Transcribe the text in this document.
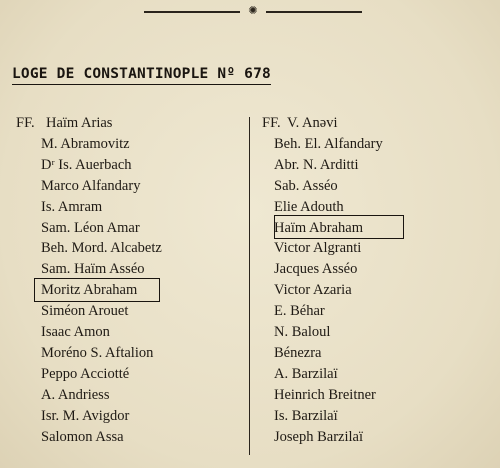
✺
LOGE DE CONSTANTINOPLE Nº 678
FF. Haïm Arias
M. Abramovitz
Dʳ Is. Auerbach
Marco Alfandary
Is. Amram
Sam. Léon Amar
Beh. Mord. Alcabetz
Sam. Haïm Asséo
Moritz Abraham
Siméon Arouet
Isaac Amon
Moréno S. Aftalion
Peppo Acciotté
A. Andriess
Isr. M. Avigdor
Salomon Assa
FF. V. Anəvi
Beh. El. Alfandary
Abr. N. Arditti
Sab. Asséo
Elie Adouth
Haïm Abraham
Victor Algranti
Jacques Asséo
Victor Azaria
E. Béhar
N. Baloul
Bénezra
A. Barzilaï
Heinrich Breitner
Is. Barzilaï
Joseph Barzilaï
